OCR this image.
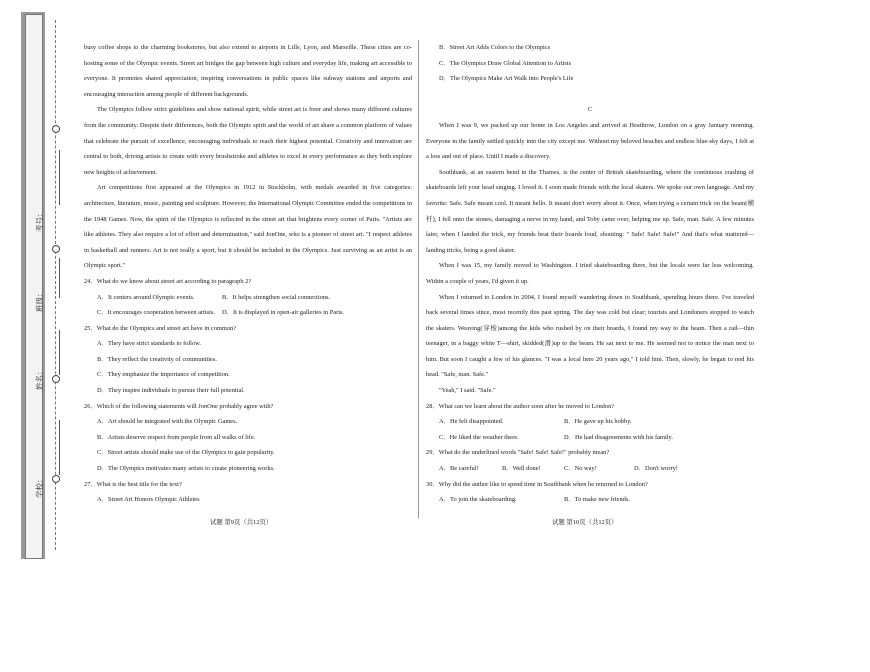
考号：
班级：
姓名：
学校：

busy coffee shops to the charming bookstores, but also extend to airports in Lille, Lyon, and Marseille. These cities are co-hosting some of the Olympic events. Street art bridges the gap between high culture and everyday life, making art accessible to everyone. It promotes shared appreciation, inspiring conversations in public spaces like subway stations and airports and encouraging interaction among people of different backgrounds.

The Olympics follow strict guidelines and show national spirit, while street art is freer and shows many different cultures from the community. Despite their differences, both the Olympic spirit and the world of art share a common platform of values that celebrate the pursuit of excellence, encouraging individuals to reach their highest potential. Creativity and innovation are central to both, driving artists to create with every brushstroke and athletes to excel in every performance as they both explore new heights of achievement.

Art competitions first appeared at the Olympics in 1912 in Stockholm, with medals awarded in five categories: architecture, literature, music, painting and sculpture. However, the International Olympic Committee ended the competitions in the 1948 Games. Now, the spirit of the Olympics is reflected in the street art that brightens every corner of Paris. "Artists are like athletes. They also require a lot of effort and determination," said JonOne, who is a pioneer of street art. "I respect athletes in basketball and runners. Art is not really a sport, but it should be included in the Olympics. Just surviving as an artist is an Olympic sport."

24．What do we know about street art according to paragraph 2?

A．It centers around Olympic events.	B．It helps strengthen social connections.
C．It encourages cooperation between artists.	D．It is displayed in open-air galleries in Paris.

25．What do the Olympics and street art have in common?

A．They have strict standards to follow.

B．They reflect the creativity of communities.

C．They emphasize the importance of competition.

D．They inspire individuals to pursue their full potential.

26．Which of the following statements will JonOne probably agree with?

A．Art should be integrated with the Olympic Games.

B．Artists deserve respect from people from all walks of life.

C．Street artists should make use of the Olympics to gain popularity.

D．The Olympics motivates many artists to create pioneering works.

27．What is the best title for the text?

A．Street Art Honors Olympic Athletes

B．Street Art Adds Colors to the Olympics

C．The Olympics Draw Global Attention to Artists

D．The Olympics Make Art Walk into People's Life

C

When I was 9, we packed up our home in Los Angeles and arrived at Heathrow, London on a gray January morning. Everyone in the family settled quickly into the city except me. Without my beloved beaches and endless blue-sky days, I felt at a loss and out of place. Until I made a discovery.

Southbank, at an eastern bend in the Thames, is the center of British skateboarding, where the continuous crashing of skateboards left your head singing. I loved it. I soon made friends with the local skaters. We spoke our own language. And my favorite: Safe. Safe meant cool. It meant hello. It meant don't worry about it. Once, when trying a certain trick on the beam(横杆), I fell onto the stones, damaging a nerve in my hand, and Toby came over, helping me up. Safe, man. Safe. A few minutes later, when I landed the trick, my friends beat their boards loud, shouting: " Safe! Safe! Safe!" And that's what mattered—landing tricks, being a good skater.

When I was 15, my family moved to Washington. I tried skateboarding there, but the locals were far less welcoming. Within a couple of years, I'd given it up.

When I returned to London in 2004, I found myself wandering down to Southbank, spending hours there. I've traveled back several times since, most recently this past spring. The day was cold but clear; tourists and Londoners stopped to watch the skaters. Weaving(穿梭)among the kids who rushed by on their boards, I found my way to the beam. Then a rail—thin teenager, in a baggy white T—shirt, skidded(滑)up to the beam. He sat next to me. He seemed not to notice the man next to him. But soon I caught a few of his glances. "I was a local here 20 years ago," I told him. Then, slowly, he began to nod his head. "Safe, man. Safe."

"Yeah," I said. "Safe."

28．What can we learn about the author soon after he moved to London?

A．He felt disappointed.	B．He gave up his hobby.
C．He liked the weather there.	D．He had disagreements with his family.

29．What do the underlined words "Safe! Safe! Safe!" probably mean?

A．Be careful!	B．Well done!	C．No way!	D．Don't worry!

30．Why did the author like to spend time in Southbank when he returned to London?

A．To join the skateboarding.	B．To make new friends.
试题 第9页（共12页）	试题 第10页（共12页）
